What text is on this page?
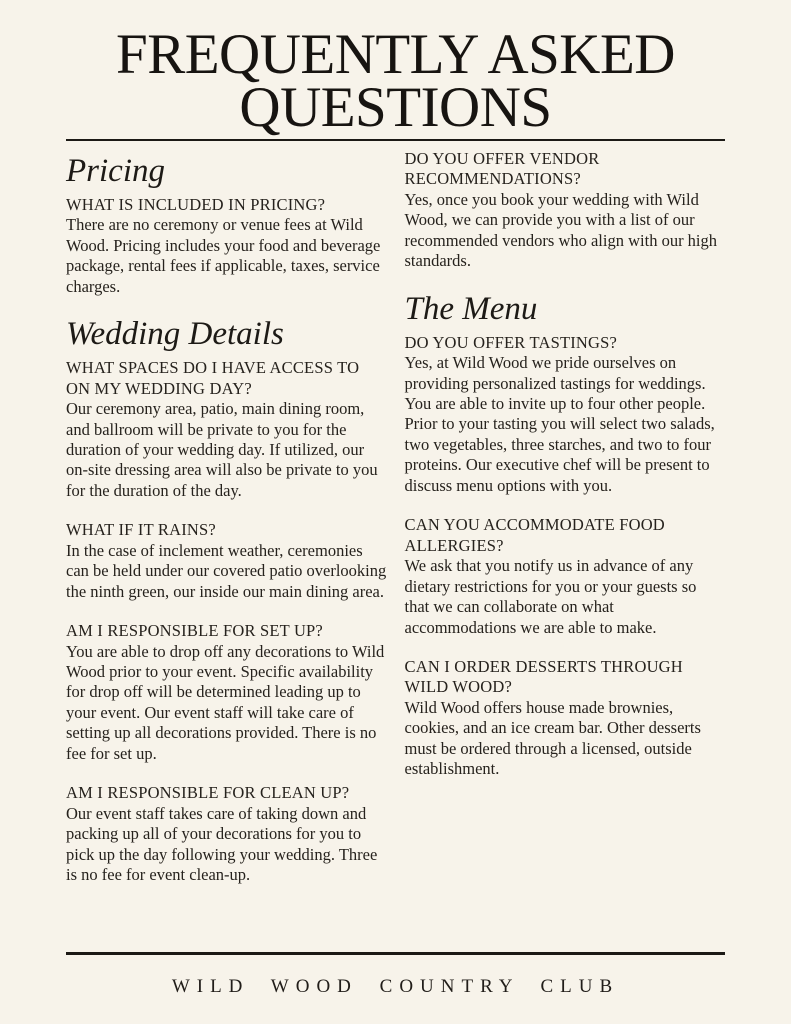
FREQUENTLY ASKED
QUESTIONS
Pricing
WHAT IS INCLUDED IN PRICING?
There are no ceremony or venue fees at Wild Wood. Pricing includes your food and beverage package, rental fees if applicable, taxes, service charges.
Wedding Details
WHAT SPACES DO I HAVE ACCESS TO ON MY WEDDING DAY?
Our ceremony area, patio, main dining room, and ballroom will be private to you for the duration of your wedding day. If utilized, our on-site dressing area will also be private to you for the duration of the day.
WHAT IF IT RAINS?
In the case of inclement weather, ceremonies can be held under our covered patio overlooking the ninth green, our inside our main dining area.
AM I RESPONSIBLE FOR SET UP?
You are able to drop off any decorations to Wild Wood prior to your event. Specific availability for drop off will be determined leading up to your event. Our event staff will take care of setting up all decorations provided. There is no fee for set up.
AM I RESPONSIBLE FOR CLEAN UP?
Our event staff takes care of taking down and packing up all of your decorations for you to pick up the day following your wedding. Three is no fee for event clean-up.
DO YOU OFFER VENDOR RECOMMENDATIONS?
Yes, once you book your wedding with Wild Wood, we can provide you with a list of our recommended vendors who align with our high standards.
The Menu
DO YOU OFFER TASTINGS?
Yes, at Wild Wood we pride ourselves on providing personalized tastings for weddings. You are able to invite up to four other people. Prior to your tasting you will select two salads, two vegetables, three starches, and two to four proteins. Our executive chef will be present to discuss menu options with you.
CAN YOU ACCOMMODATE FOOD ALLERGIES?
We ask that you notify us in advance of any dietary restrictions for you or your guests so that we can collaborate on what accommodations we are able to make.
CAN I ORDER DESSERTS THROUGH WILD WOOD?
Wild Wood offers house made brownies, cookies, and an ice cream bar. Other desserts must be ordered through a licensed, outside establishment.
WILD WOOD COUNTRY CLUB
